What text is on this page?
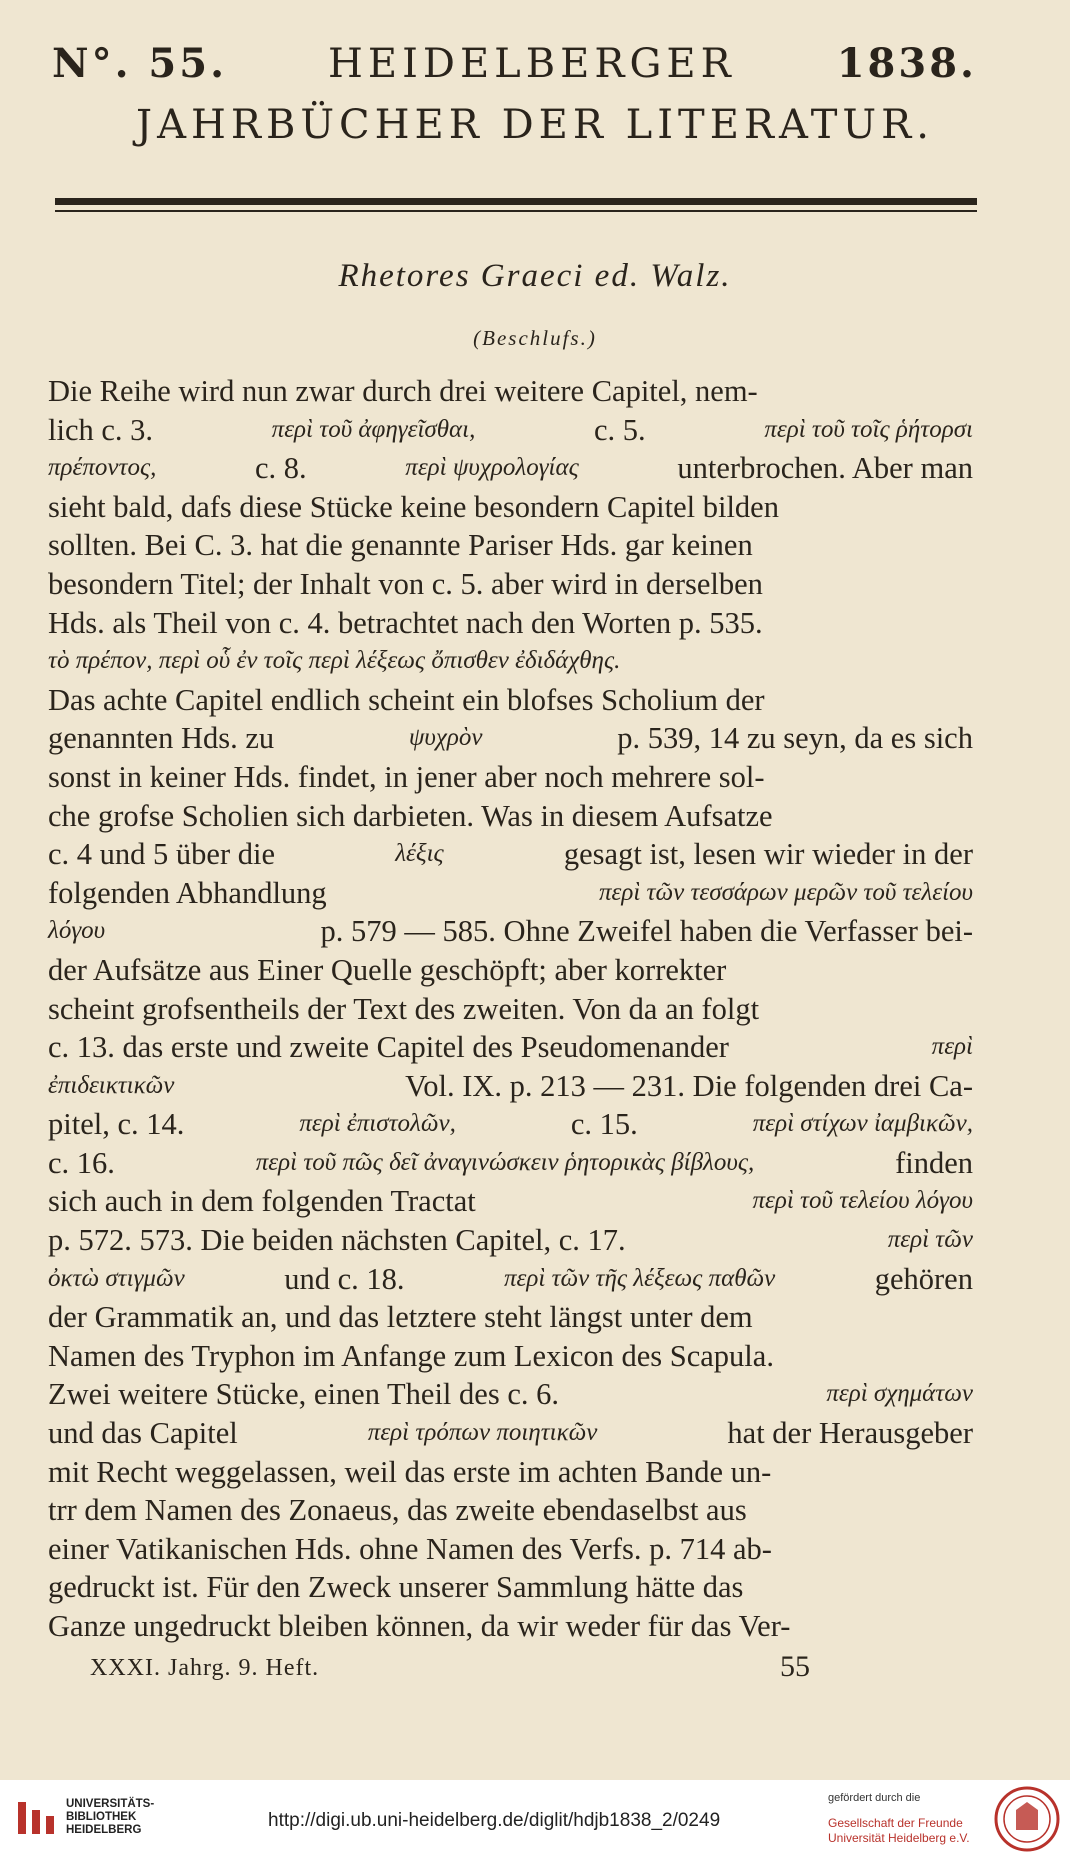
N°. 55.	HEIDELBERGER	1838.
JAHRBÜCHER DER LITERATUR.
Rhetores Graeci ed. Walz.
(Beschlufs.)
Die Reihe wird nun zwar durch drei weitere Capitel, nem-
lich c. 3.	περὶ τοῦ ἀφηγεῖσθαι,	c. 5.	περὶ τοῦ τοῖς ῥήτορσι
πρέποντος,	c. 8.	περὶ ψυχρολογίας	unterbrochen. Aber man
sieht bald, dafs diese Stücke keine besondern Capitel bilden
sollten. Bei C. 3. hat die genannte Pariser Hds. gar keinen
besondern Titel; der Inhalt von c. 5. aber wird in derselben
Hds. als Theil von c. 4. betrachtet nach den Worten p. 535.
τὸ πρέπον, περὶ οὗ ἐν τοῖς περὶ λέξεως ὄπισθεν ἐδιδάχθης.
Das achte Capitel endlich scheint ein blofses Scholium der
genannten Hds. zu	ψυχρὸν	p. 539, 14 zu seyn, da es sich
sonst in keiner Hds. findet, in jener aber noch mehrere sol-
che grofse Scholien sich darbieten. Was in diesem Aufsatze
c. 4 und 5 über die	λέξις	gesagt ist, lesen wir wieder in der
folgenden Abhandlung	περὶ τῶν τεσσάρων μερῶν τοῦ τελείου
λόγου	p. 579 — 585. Ohne Zweifel haben die Verfasser bei-
der Aufsätze aus Einer Quelle geschöpft; aber korrekter
scheint grofsentheils der Text des zweiten. Von da an folgt
c. 13. das erste und zweite Capitel des Pseudomenander	περὶ
ἐπιδεικτικῶν	Vol. IX. p. 213 — 231. Die folgenden drei Ca-
pitel, c. 14.	περὶ ἐπιστολῶν,	c. 15.	περὶ στίχων ἰαμβικῶν,
c. 16.	περὶ τοῦ πῶς δεῖ ἀναγινώσκειν ῥητορικὰς βίβλους,	finden
sich auch in dem folgenden Tractat	περὶ τοῦ τελείου λόγου
p. 572. 573. Die beiden nächsten Capitel, c. 17.	περὶ τῶν
ὀκτὼ στιγμῶν	und c. 18.	περὶ τῶν τῆς λέξεως παθῶν	gehören
der Grammatik an, und das letztere steht längst unter dem
Namen des Tryphon im Anfange zum Lexicon des Scapula.
Zwei weitere Stücke, einen Theil des c. 6.	περὶ σχημάτων
und das Capitel	περὶ τρόπων ποιητικῶν	hat der Herausgeber
mit Recht weggelassen, weil das erste im achten Bande un-
trr dem Namen des Zonaeus, das zweite ebendaselbst aus
einer Vatikanischen Hds. ohne Namen des Verfs. p. 714 ab-
gedruckt ist. Für den Zweck unserer Sammlung hätte das
Ganze ungedruckt bleiben können, da wir weder für das Ver-
XXXI. Jahrg. 9. Heft.	55
UNIVERSITÄTS-
BIBLIOTHEK
HEIDELBERG	http://digi.ub.uni-heidelberg.de/diglit/hdjb1838_2/0249
gefördert durch die
Gesellschaft der Freunde
Universität Heidelberg e.V.
